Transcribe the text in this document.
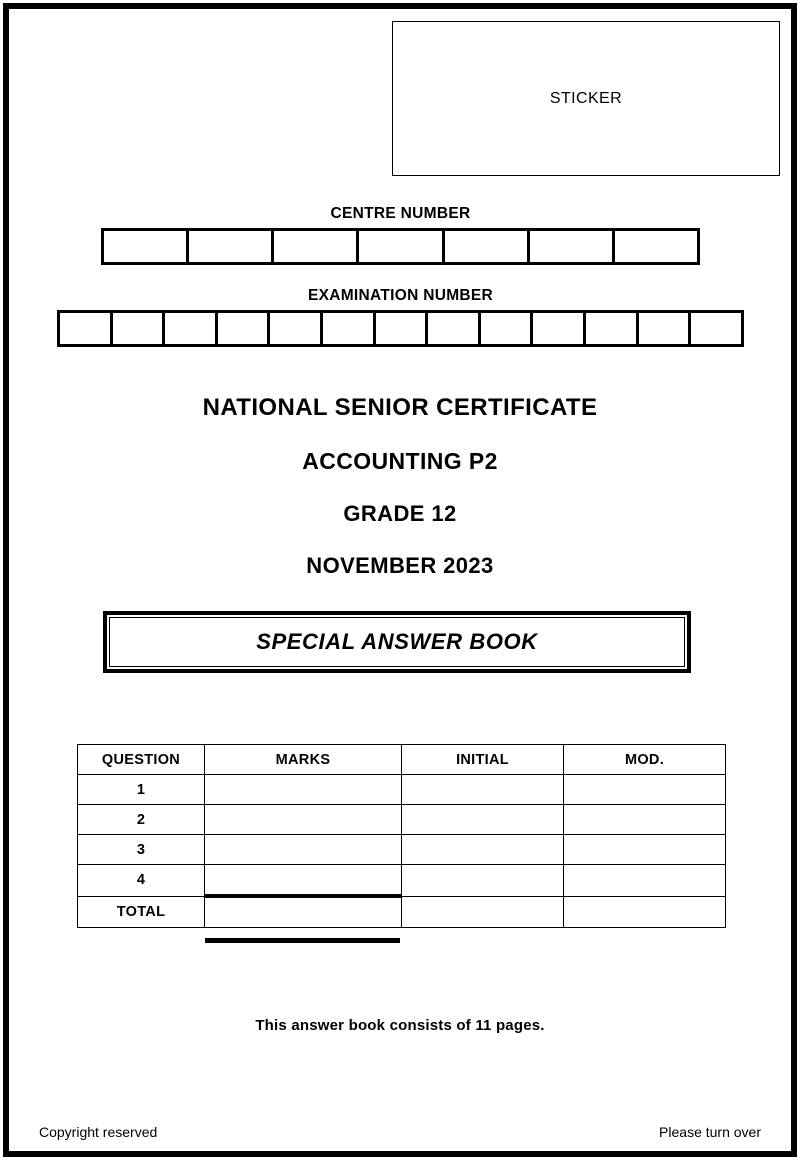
STICKER
CENTRE NUMBER
EXAMINATION NUMBER
NATIONAL SENIOR CERTIFICATE
ACCOUNTING P2
GRADE 12
NOVEMBER 2023
SPECIAL ANSWER BOOK
QUESTION	MARKS	INITIAL	MOD.
1			
2			
3			
4			
TOTAL			
This answer book consists of 11 pages.
Copyright reserved	Please turn over
